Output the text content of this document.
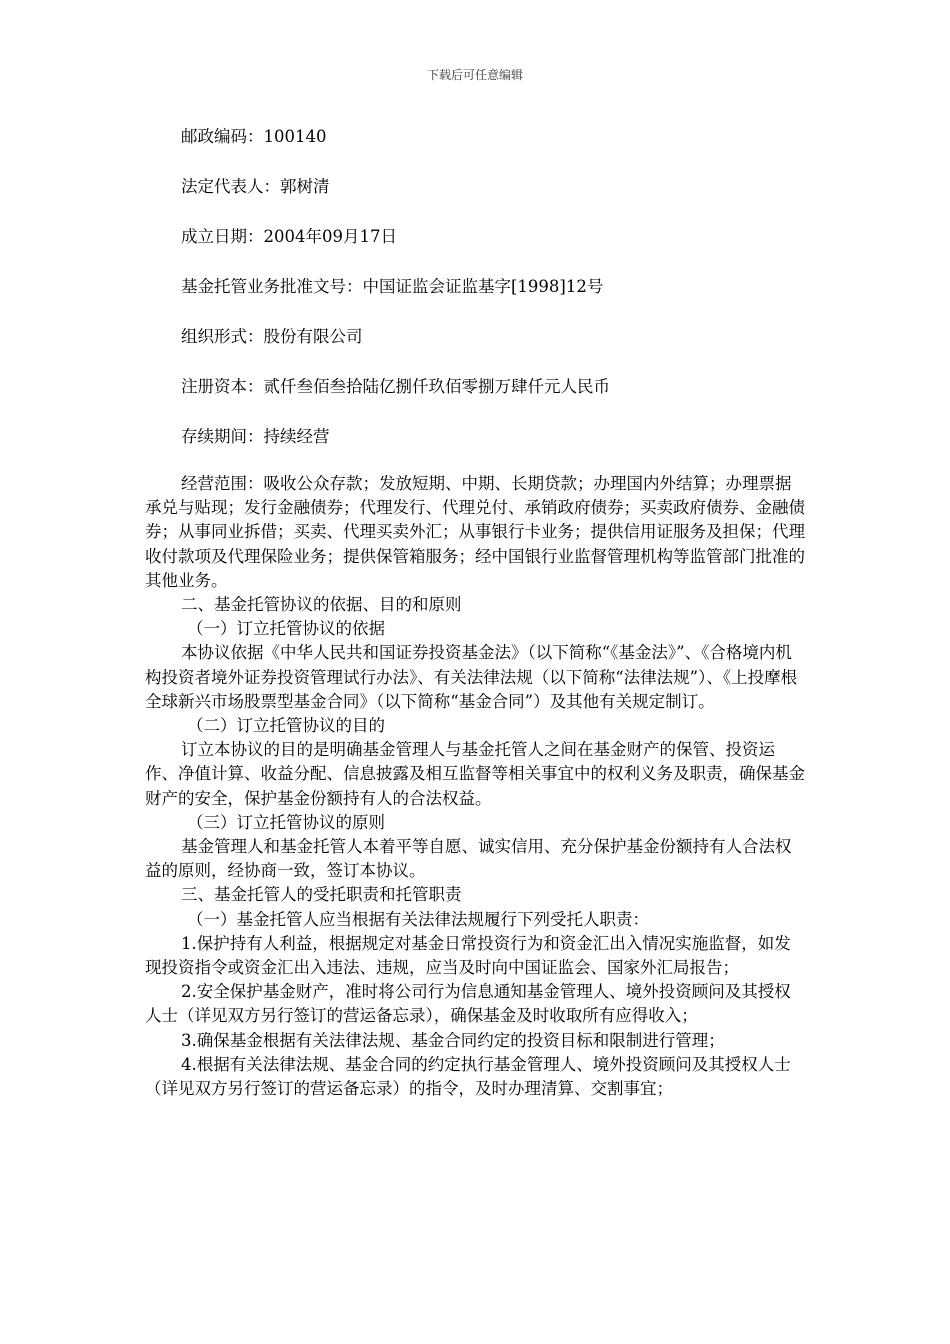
下载后可任意编辑
邮政编码：100140
法定代表人：郭树清
成立日期：2004年09月17日
基金托管业务批准文号：中国证监会证监基字[1998]12号
组织形式：股份有限公司
注册资本：贰仟叁佰叁拾陆亿捌仟玖佰零捌万肆仟元人民币
存续期间：持续经营

经营范围：吸收公众存款；发放短期、中期、长期贷款；办理国内外结算；办理票据承兑与贴现；发行金融债券；代理发行、代理兑付、承销政府债券；买卖政府债券、金融债券；从事同业拆借；买卖、代理买卖外汇；从事银行卡业务；提供信用证服务及担保；代理收付款项及代理保险业务；提供保管箱服务；经中国银行业监督管理机构等监管部门批准的其他业务。

二、基金托管协议的依据、目的和原则

（一）订立托管协议的依据

本协议依据《中华人民共和国证券投资基金法》（以下简称“《基金法》”、《合格境内机构投资者境外证券投资管理试行办法》、有关法律法规（以下简称“法律法规”）、《上投摩根全球新兴市场股票型基金合同》（以下简称“基金合同”）及其他有关规定制订。

（二）订立托管协议的目的

订立本协议的目的是明确基金管理人与基金托管人之间在基金财产的保管、投资运作、净值计算、收益分配、信息披露及相互监督等相关事宜中的权利义务及职责，确保基金财产的安全，保护基金份额持有人的合法权益。

（三）订立托管协议的原则

基金管理人和基金托管人本着平等自愿、诚实信用、充分保护基金份额持有人合法权益的原则，经协商一致，签订本协议。

三、基金托管人的受托职责和托管职责

（一）基金托管人应当根据有关法律法规履行下列受托人职责：

1.保护持有人利益，根据规定对基金日常投资行为和资金汇出入情况实施监督，如发现投资指令或资金汇出入违法、违规，应当及时向中国证监会、国家外汇局报告；

2.安全保护基金财产，准时将公司行为信息通知基金管理人、境外投资顾问及其授权人士（详见双方另行签订的营运备忘录），确保基金及时收取所有应得收入；

3.确保基金根据有关法律法规、基金合同约定的投资目标和限制进行管理；

4.根据有关法律法规、基金合同的约定执行基金管理人、境外投资顾问及其授权人士（详见双方另行签订的营运备忘录）的指令，及时办理清算、交割事宜；
